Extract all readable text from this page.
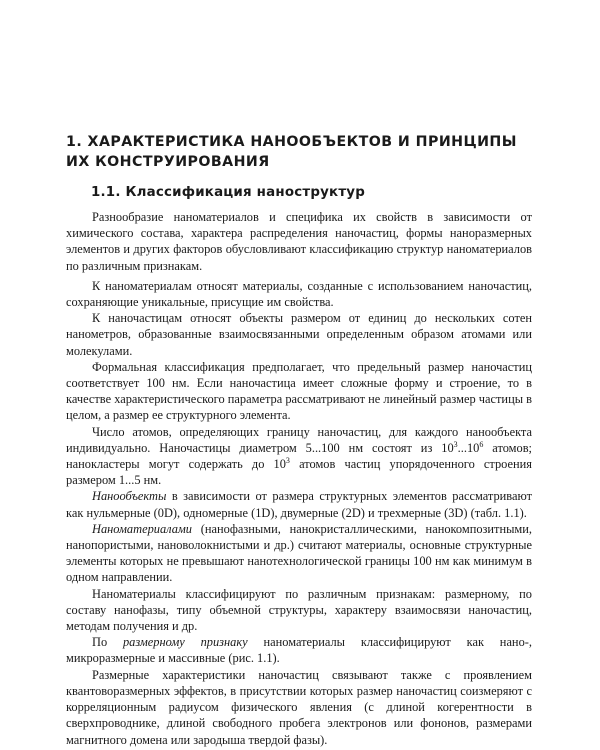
1. ХАРАКТЕРИСТИКА НАНООБЪЕКТОВ И ПРИНЦИПЫ
ИХ КОНСТРУИРОВАНИЯ
1.1. Классификация наноструктур

Разнообразие наноматериалов и специфика их свойств в зависимости от химического состава, характера распределения наночастиц, формы наноразмерных элементов и других факторов обусловливают классификацию структур наноматериалов по различным признакам.

К наноматериалам относят материалы, созданные с использованием наночастиц, сохраняющие уникальные, присущие им свойства.

К наночастицам относят объекты размером от единиц до нескольких сотен нанометров, образованные взаимосвязанными определенным образом атомами или молекулами.

Формальная классификация предполагает, что предельный размер наночастиц соответствует 100 нм. Если наночастица имеет сложные форму и строение, то в качестве характеристического параметра рассматривают не линейный размер частицы в целом, а размер ее структурного элемента.

Число атомов, определяющих границу наночастиц, для каждого нанообъекта индивидуально. Наночастицы диаметром 5...100 нм состоят из $10^3...10^6$ атомов; нанокластеры могут содержать до $10^3$ атомов частиц упорядоченного строения размером 1...5 нм.

Нанообъекты в зависимости от размера структурных элементов рассматривают как нульмерные (0D), одномерные (1D), двумерные (2D) и трехмерные (3D) (табл. 1.1).

Наноматериалами (нанофазными, нанокристаллическими, нанокомпозитными, нанопористыми, нановолокнистыми и др.) считают материалы, основные структурные элементы которых не превышают нанотехнологической границы 100 нм как минимум в одном направлении.

Наноматериалы классифицируют по различным признакам: размерному, по составу нанофазы, типу объемной структуры, характеру взаимосвязи наночастиц, методам получения и др.

По размерному признаку наноматериалы классифицируют как нано-, микроразмерные и массивные (рис. 1.1).

Размерные характеристики наночастиц связывают также с проявлением квантоворазмерных эффектов, в присутствии которых размер наночастиц соизмеряют с корреляционным радиусом физического явления (с длиной когерентности в сверхпроводнике, длиной свободного пробега электронов или фононов, размерами магнитного домена или зародыша твердой фазы).
